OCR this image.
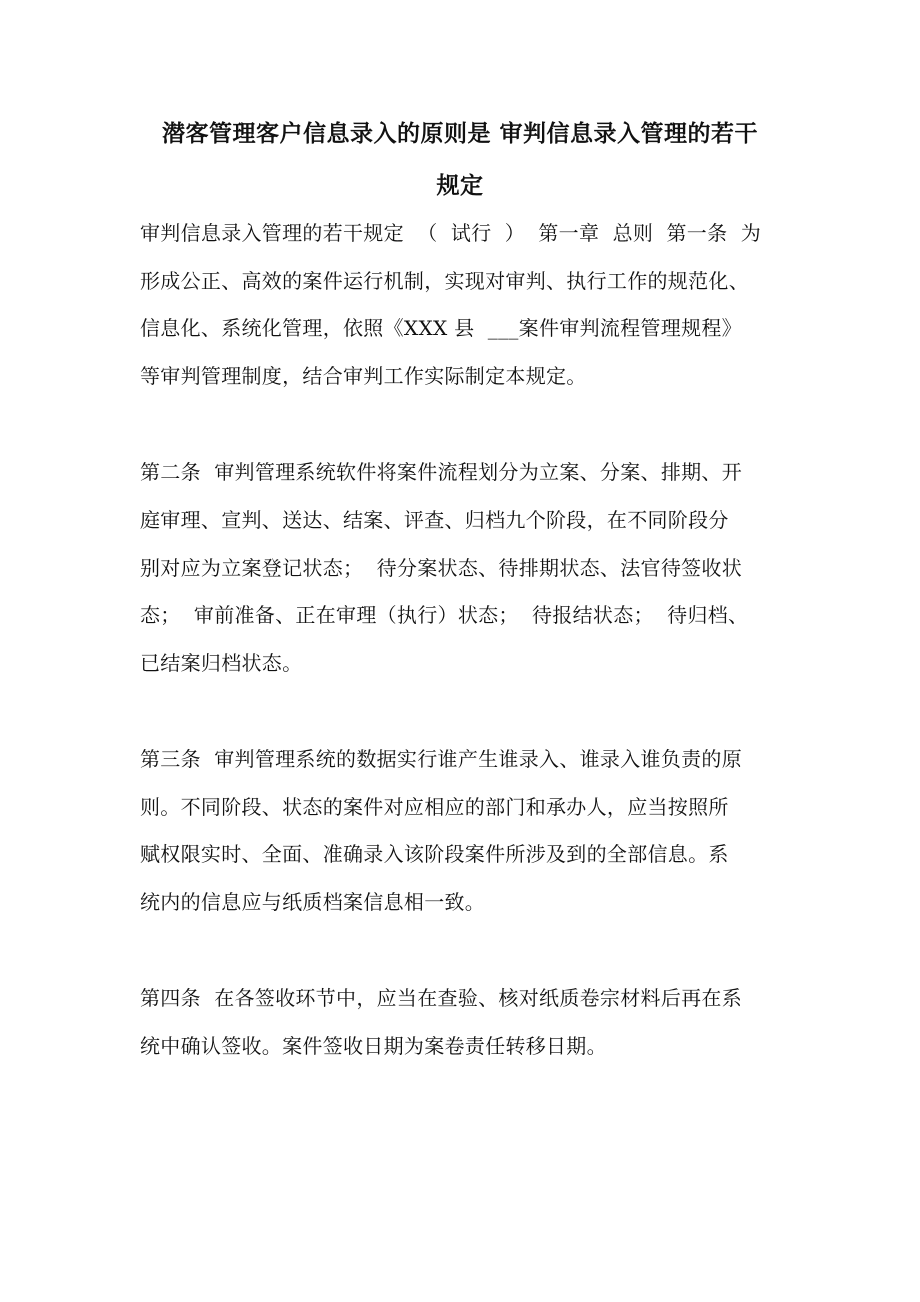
潜客管理客户信息录入的原则是 审判信息录入管理的若干
规定
审判信息录入管理的若干规定  （  试行  ）  第一章  总则  第一条  为
形成公正、高效的案件运行机制，实现对审判、执行工作的规范化、
信息化、系统化管理，依照《XXX 县  ___案件审判流程管理规程》
等审判管理制度，结合审判工作实际制定本规定。
第二条  审判管理系统软件将案件流程划分为立案、分案、排期、开
庭审理、宣判、送达、结案、评查、归档九个阶段，在不同阶段分
别对应为立案登记状态；  待分案状态、待排期状态、法官待签收状
态；  审前准备、正在审理（执行）状态；  待报结状态；  待归档、
已结案归档状态。
第三条  审判管理系统的数据实行谁产生谁录入、谁录入谁负责的原
则。不同阶段、状态的案件对应相应的部门和承办人，应当按照所
赋权限实时、全面、准确录入该阶段案件所涉及到的全部信息。系
统内的信息应与纸质档案信息相一致。
第四条  在各签收环节中，应当在查验、核对纸质卷宗材料后再在系
统中确认签收。案件签收日期为案卷责任转移日期。
